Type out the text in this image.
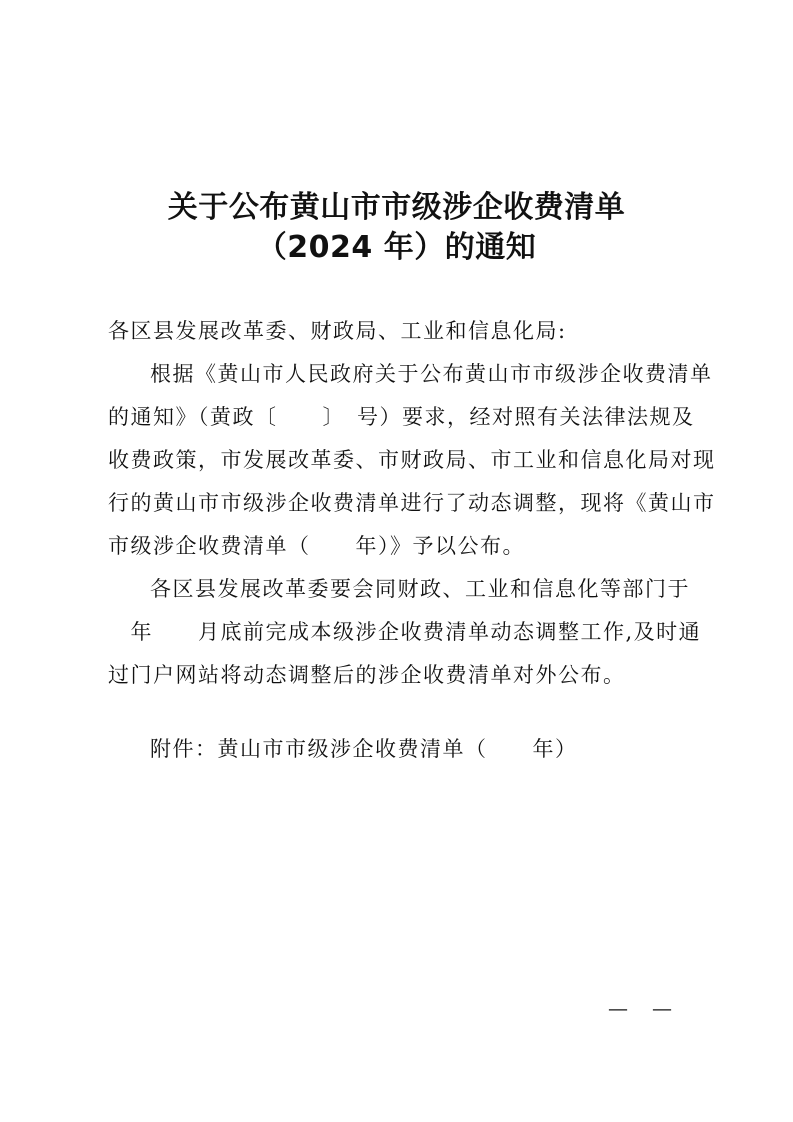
关于公布黄山市市级涉企收费清单
（2024 年）的通知
各区县发展改革委、财政局、工业和信息化局:
根据《黄山市人民政府关于公布黄山市市级涉企收费清单
的通知》（黄政〔　　〕　号）要求，经对照有关法律法规及
收费政策，市发展改革委、市财政局、市工业和信息化局对现
行的黄山市市级涉企收费清单进行了动态调整，现将《黄山市
市级涉企收费清单（　　年）》予以公布。
各区县发展改革委要会同财政、工业和信息化等部门于
　年　　月底前完成本级涉企收费清单动态调整工作,及时通
过门户网站将动态调整后的涉企收费清单对外公布。
附件：黄山市市级涉企收费清单（　　年）
— —
